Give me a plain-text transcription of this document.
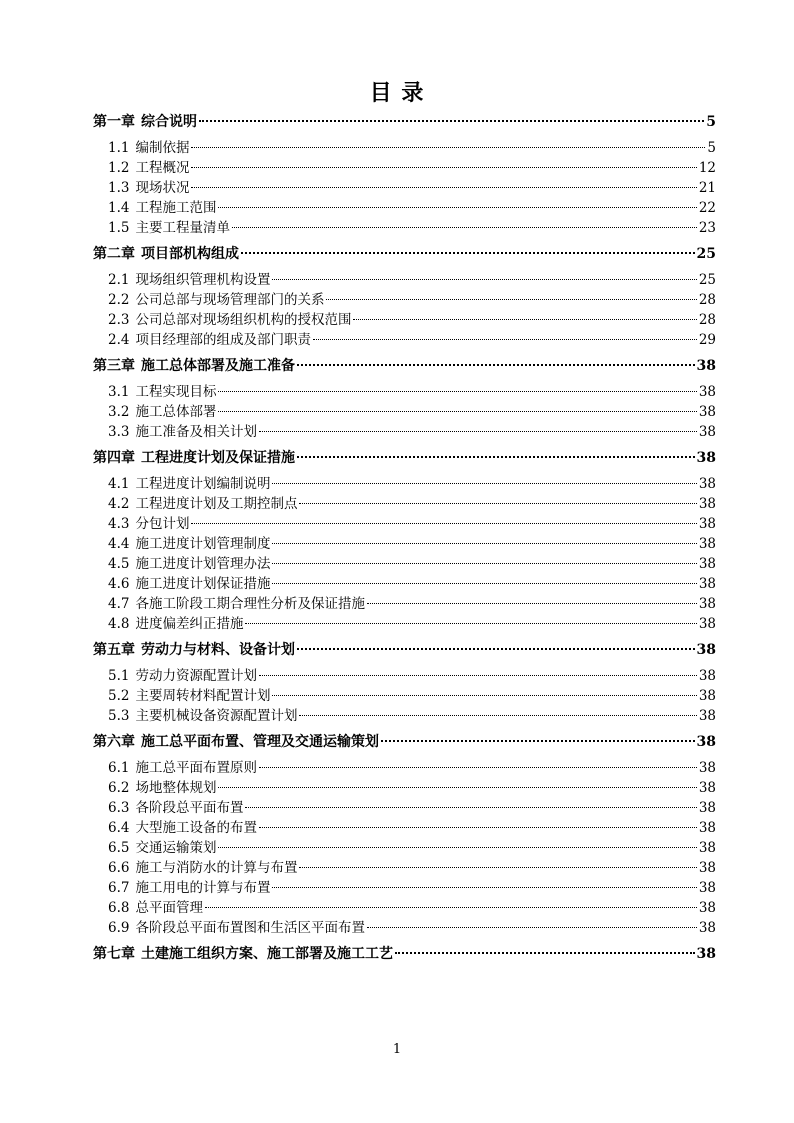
目 录
第一章 综合说明	5
1.1 编制依据	5
1.2 工程概况	12
1.3 现场状况	21
1.4 工程施工范围	22
1.5 主要工程量清单	23
第二章 项目部机构组成	25
2.1 现场组织管理机构设置	25
2.2 公司总部与现场管理部门的关系	28
2.3 公司总部对现场组织机构的授权范围	28
2.4 项目经理部的组成及部门职责	29
第三章 施工总体部署及施工准备	38
3.1 工程实现目标	38
3.2 施工总体部署	38
3.3 施工准备及相关计划	38
第四章 工程进度计划及保证措施	38
4.1 工程进度计划编制说明	38
4.2 工程进度计划及工期控制点	38
4.3 分包计划	38
4.4 施工进度计划管理制度	38
4.5 施工进度计划管理办法	38
4.6 施工进度计划保证措施	38
4.7 各施工阶段工期合理性分析及保证措施	38
4.8 进度偏差纠正措施	38
第五章 劳动力与材料、设备计划	38
5.1 劳动力资源配置计划	38
5.2 主要周转材料配置计划	38
5.3 主要机械设备资源配置计划	38
第六章 施工总平面布置、管理及交通运输策划	38
6.1 施工总平面布置原则	38
6.2 场地整体规划	38
6.3 各阶段总平面布置	38
6.4 大型施工设备的布置	38
6.5 交通运输策划	38
6.6 施工与消防水的计算与布置	38
6.7 施工用电的计算与布置	38
6.8 总平面管理	38
6.9 各阶段总平面布置图和生活区平面布置	38
第七章 土建施工组织方案、施工部署及施工工艺	38
1
